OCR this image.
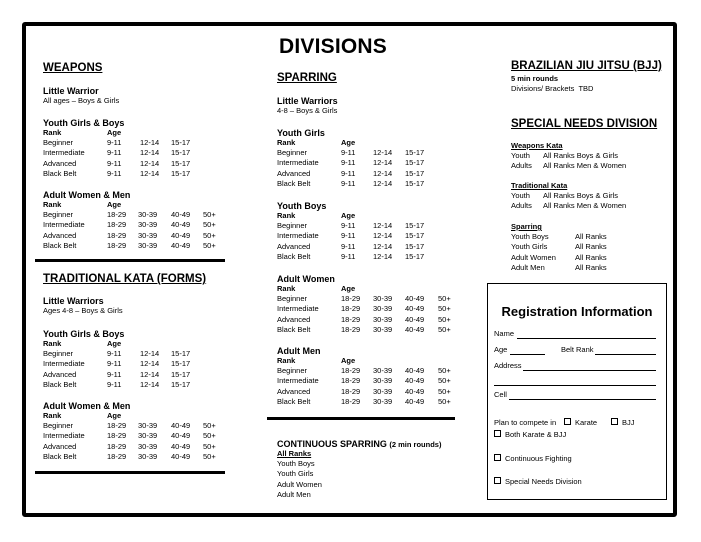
DIVISIONS
WEAPONS
Little Warrior
All ages – Boys & Girls
Youth Girls & Boys
Rank	Age		
Beginner	9-11	12-14	15-17
Intermediate	9-11	12-14	15-17
Advanced	9-11	12-14	15-17
Black Belt	9-11	12-14	15-17
Adult Women & Men
Rank	Age			
Beginner	18-29	30-39	40-49	50+
Intermediate	18-29	30-39	40-49	50+
Advanced	18-29	30-39	40-49	50+
Black Belt	18-29	30-39	40-49	50+
TRADITIONAL KATA (FORMS)
Little Warriors
Ages 4-8 – Boys & Girls
Youth Girls & Boys
Rank	Age		
Beginner	9-11	12-14	15-17
Intermediate	9-11	12-14	15-17
Advanced	9-11	12-14	15-17
Black Belt	9-11	12-14	15-17
Adult Women & Men
Rank	Age			
Beginner	18-29	30-39	40-49	50+
Intermediate	18-29	30-39	40-49	50+
Advanced	18-29	30-39	40-49	50+
Black Belt	18-29	30-39	40-49	50+
SPARRING
Little Warriors
4-8 – Boys & Girls
Youth Girls
Rank	Age		
Beginner	9-11	12-14	15-17
Intermediate	9-11	12-14	15-17
Advanced	9-11	12-14	15-17
Black Belt	9-11	12-14	15-17
Youth Boys
Rank	Age		
Beginner	9-11	12-14	15-17
Intermediate	9-11	12-14	15-17
Advanced	9-11	12-14	15-17
Black Belt	9-11	12-14	15-17
Adult Women
Rank	Age			
Beginner	18-29	30-39	40-49	50+
Intermediate	18-29	30-39	40-49	50+
Advanced	18-29	30-39	40-49	50+
Black Belt	18-29	30-39	40-49	50+
Adult Men
Rank	Age			
Beginner	18-29	30-39	40-49	50+
Intermediate	18-29	30-39	40-49	50+
Advanced	18-29	30-39	40-49	50+
Black Belt	18-29	30-39	40-49	50+
CONTINUOUS SPARRING (2 min rounds)
All Ranks
Youth Boys
Youth Girls
Adult Women
Adult Men
BRAZILIAN JIU JITSU (BJJ)
5 min rounds
Divisions/ Brackets TBD
SPECIAL NEEDS DIVISION
Weapons Kata
Youth	All Ranks Boys & Girls
Adults	All Ranks Men & Women
Traditional Kata
Youth	All Ranks Boys & Girls
Adults	All Ranks Men & Women
Sparring
Youth Boys	All Ranks
Youth Girls	All Ranks
Adult Women	All Ranks
Adult Men	All Ranks
Registration Information
Name
Age	Belt Rank
Address
Cell
Plan to compete in	Karate	BJJ
Both Karate & BJJ
Continuous Fighting
Special Needs Division
